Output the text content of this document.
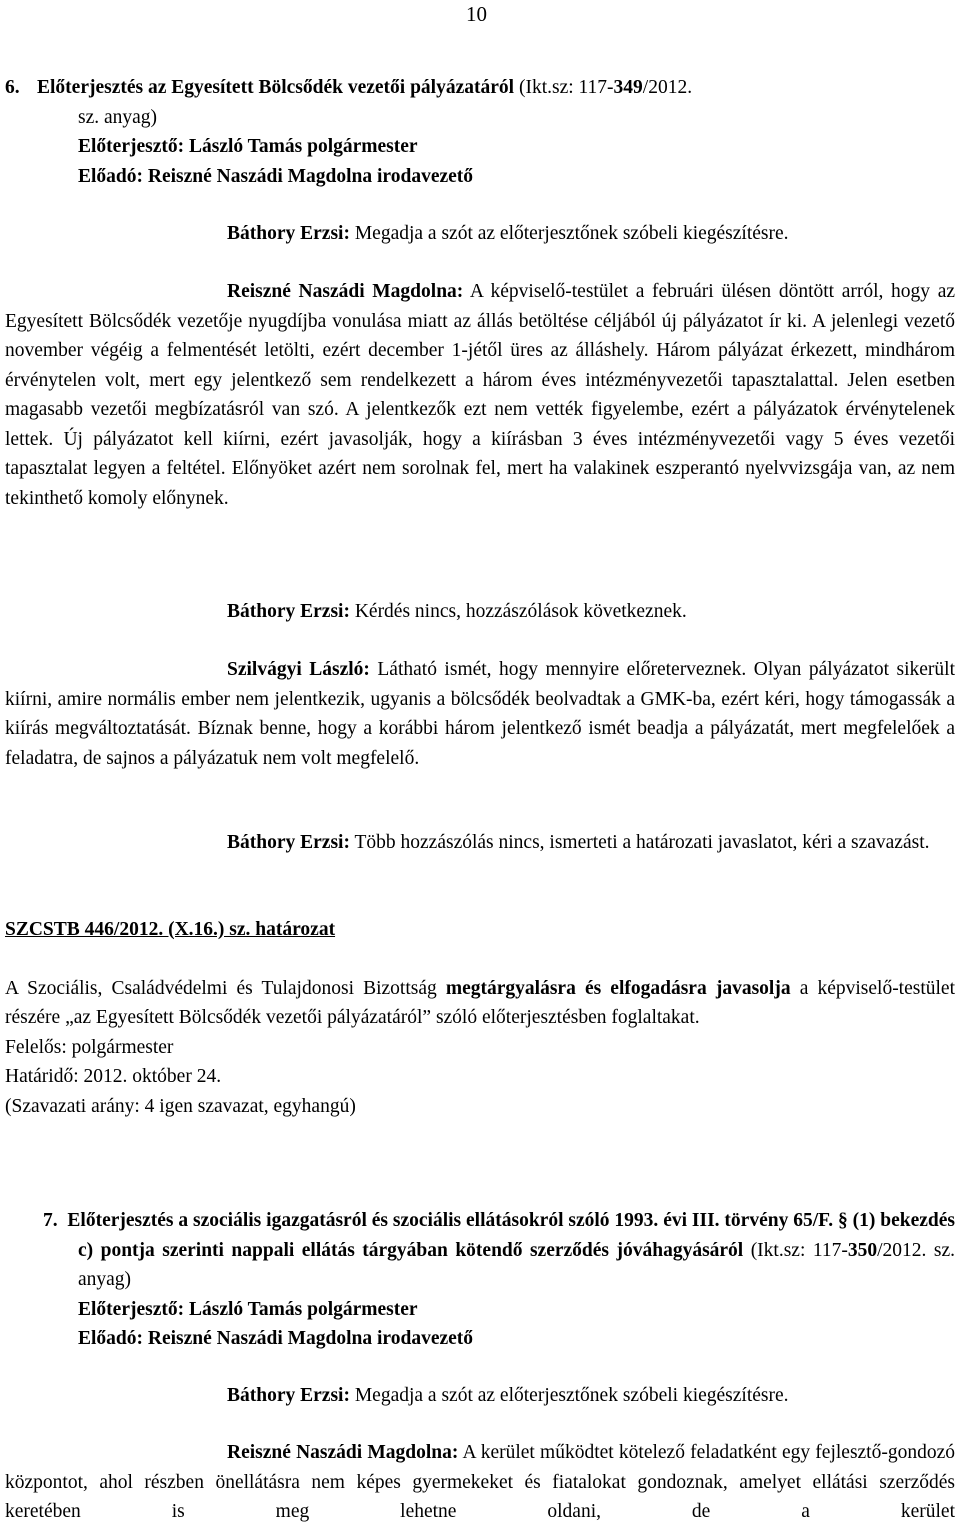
10
6. Előterjesztés az Egyesített Bölcsődék vezetői pályázatáról (Ikt.sz: 117-349/2012.
sz. anyag)
Előterjesztő: László Tamás polgármester
Előadó: Reiszné Naszádi Magdolna irodavezető
Báthory Erzsi: Megadja a szót az előterjesztőnek szóbeli kiegészítésre.
Reiszné Naszádi Magdolna: A képviselő-testület a februári ülésen döntött arról, hogy az Egyesített Bölcsődék vezetője nyugdíjba vonulása miatt az állás betöltése céljából új pályázatot ír ki. A jelenlegi vezető november végéig a felmentését letölti, ezért december 1-jétől üres az álláshely. Három pályázat érkezett, mindhárom érvénytelen volt, mert egy jelentkező sem rendelkezett a három éves intézményvezetői tapasztalattal. Jelen esetben magasabb vezetői megbízatásról van szó. A jelentkezők ezt nem vették figyelembe, ezért a pályázatok érvénytelenek lettek. Új pályázatot kell kiírni, ezért javasolják, hogy a kiírásban 3 éves intézményvezetői vagy 5 éves vezetői tapasztalat legyen a feltétel. Előnyöket azért nem sorolnak fel, mert ha valakinek eszperantó nyelvvizsgája van, az nem tekinthető komoly előnynek.
Báthory Erzsi: Kérdés nincs, hozzászólások következnek.
Szilvágyi László: Látható ismét, hogy mennyire előreterveznek. Olyan pályázatot sikerült kiírni, amire normális ember nem jelentkezik, ugyanis a bölcsődék beolvadtak a GMK-ba, ezért kéri, hogy támogassák a kiírás megváltoztatását. Bíznak benne, hogy a korábbi három jelentkező ismét beadja a pályázatát, mert megfelelőek a feladatra, de sajnos a pályázatuk nem volt megfelelő.
Báthory Erzsi: Több hozzászólás nincs, ismerteti a határozati javaslatot, kéri a szavazást.
SZCSTB 446/2012. (X.16.) sz. határozat
A Szociális, Családvédelmi és Tulajdonosi Bizottság megtárgyalásra és elfogadásra javasolja a képviselő-testület részére „az Egyesített Bölcsődék vezetői pályázatáról” szóló előterjesztésben foglaltakat.
Felelős: polgármester
Határidő: 2012. október 24.
(Szavazati arány: 4 igen szavazat, egyhangú)
7. Előterjesztés a szociális igazgatásról és szociális ellátásokról szóló 1993. évi III. törvény 65/F. § (1) bekezdés c) pontja szerinti nappali ellátás tárgyában kötendő szerződés jóváhagyásáról (Ikt.sz: 117-350/2012. sz. anyag)
Előterjesztő: László Tamás polgármester
Előadó: Reiszné Naszádi Magdolna irodavezető
Báthory Erzsi: Megadja a szót az előterjesztőnek szóbeli kiegészítésre.
Reiszné Naszádi Magdolna: A kerület működtet kötelező feladatként egy fejlesztő-gondozó központot, ahol részben önellátásra nem képes gyermekeket és fiatalokat gondoznak, amelyet ellátási szerződés keretében is meg lehetne oldani, de a kerület
